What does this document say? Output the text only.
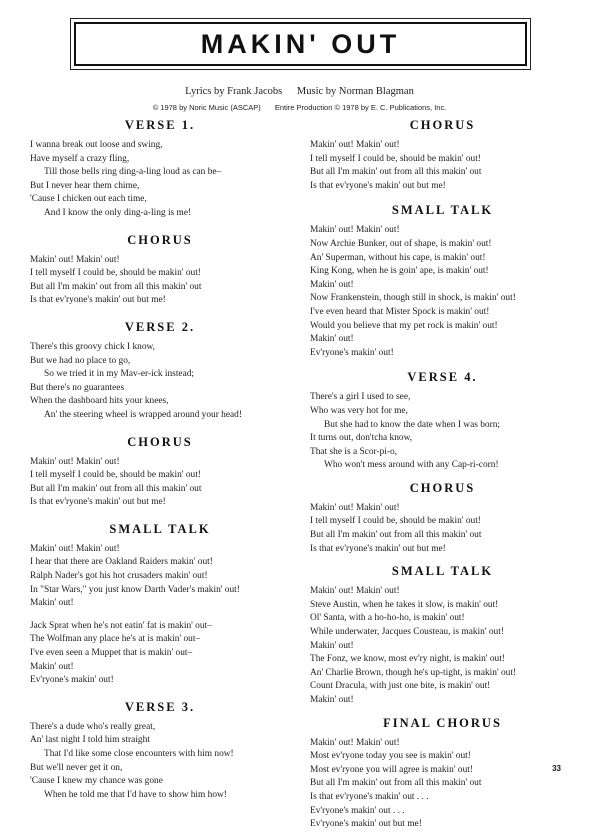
MAKIN' OUT
Lyrics by Frank Jacobs Music by Norman Blagman
© 1978 by Noric Music (ASCAP) Entire Production © 1978 by E. C. Publications, Inc.
VERSE 1.
I wanna break out loose and swing,
Have myself a crazy fling,
Till those bells ring ding-a-ling loud as can be–
But I never hear them chime,
'Cause I chicken out each time,
And I know the only ding-a-ling is me!
CHORUS
Makin' out! Makin' out!
I tell myself I could be, should be makin' out!
But all I'm makin' out from all this makin' out
Is that ev'ryone's makin' out but me!
VERSE 2.
There's this groovy chick I know,
But we had no place to go,
So we tried it in my Mav-er-ick instead;
But there's no guarantees
When the dashboard hits your knees,
An' the steering wheel is wrapped around your head!
CHORUS
Makin' out! Makin' out!
I tell myself I could be, should be makin' out!
But all I'm makin' out from all this makin' out
Is that ev'ryone's makin' out but me!
SMALL TALK
Makin' out! Makin' out!
I hear that there are Oakland Raiders makin' out!
Ralph Nader's got his hot crusaders makin' out!
In "Star Wars," you just know Darth Vader's makin' out!
Makin' out!
Jack Sprat when he's not eatin' fat is makin' out–
The Wolfman any place he's at is makin' out–
I've even seen a Muppet that is makin' out–
Makin' out!
Ev'ryone's makin' out!
VERSE 3.
There's a dude who's really great,
An' last night I told him straight
That I'd like some close encounters with him now!
But we'll never get it on,
'Cause I knew my chance was gone
When he told me that I'd have to show him how!
CHORUS
Makin' out! Makin' out!
I tell myself I could be, should be makin' out!
But all I'm makin' out from all this makin' out
Is that ev'ryone's makin' out but me!
SMALL TALK
Makin' out! Makin' out!
Now Archie Bunker, out of shape, is makin' out!
An' Superman, without his cape, is makin' out!
King Kong, when he is goin' ape, is makin' out!
Makin' out!
Now Frankenstein, though still in shock, is makin' out!
I've even heard that Mister Spock is makin' out!
Would you believe that my pet rock is makin' out!
Makin' out!
Ev'ryone's makin' out!
VERSE 4.
There's a girl I used to see,
Who was very hot for me,
But she had to know the date when I was born;
It turns out, don'tcha know,
That she is a Scor-pi-o,
Who won't mess around with any Cap-ri-corn!
CHORUS
Makin' out! Makin' out!
I tell myself I could be, should be makin' out!
But all I'm makin' out from all this makin' out
Is that ev'ryone's makin' out but me!
SMALL TALK
Makin' out! Makin' out!
Steve Austin, when he takes it slow, is makin' out!
Ol' Santa, with a ho-ho-ho, is makin' out!
While underwater, Jacques Cousteau, is makin' out!
Makin' out!
The Fonz, we know, most ev'ry night, is makin' out!
An' Charlie Brown, though he's up-tight, is makin' out!
Count Dracula, with just one bite, is makin' out!
Makin' out!
FINAL CHORUS
Makin' out! Makin' out!
Most ev'ryone today you see is makin' out!
Most ev'ryone you will agree is makin' out!
But all I'm makin' out from all this makin' out
Is that ev'ryone's makin' out . . .
Ev'ryone's makin' out . . .
Ev'ryone's makin' out but me!
33
